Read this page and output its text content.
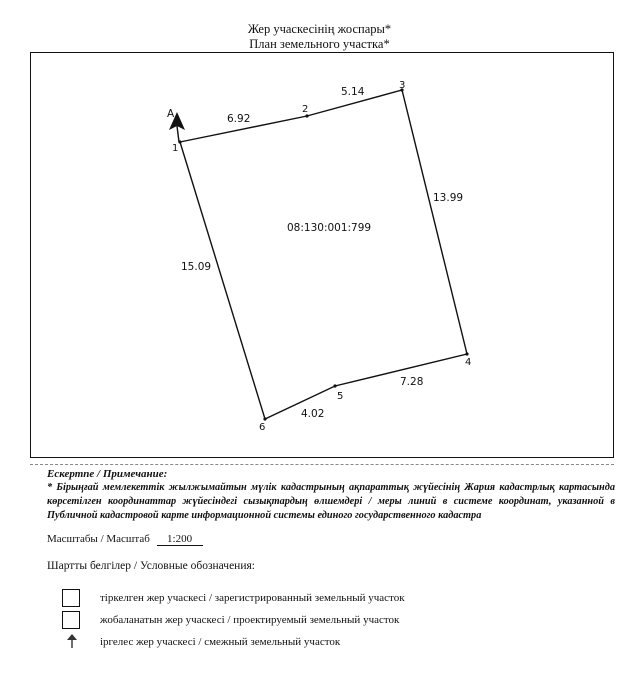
Жер учаскесінің жоспары*
План земельного участка*
A
1
2
3
4
5
6
6.92
5.14
13.99
7.28
4.02
15.09
08:130:001:799
Ескертпе / Примечание:
* Бірыңғай мемлекеттік жылжымайтын мүлік кадастрының ақпараттық жүйесінің Жария кадастрлық картасында көрсетілген координаттар жүйесіндегі сызықтардың өлшемдері / меры линий в системе координат, указанной в Публичной кадастровой карте информационной системы единого государственного кадастра
Масштабы / Масштаб 1:200
Шартты белгілер / Условные обозначения:
тіркелген жер учаскесі / зарегистрированный земельный участок
жобаланатын жер учаскесі / проектируемый земельный участок
іргелес жер учаскесі / смежный земельный участок
